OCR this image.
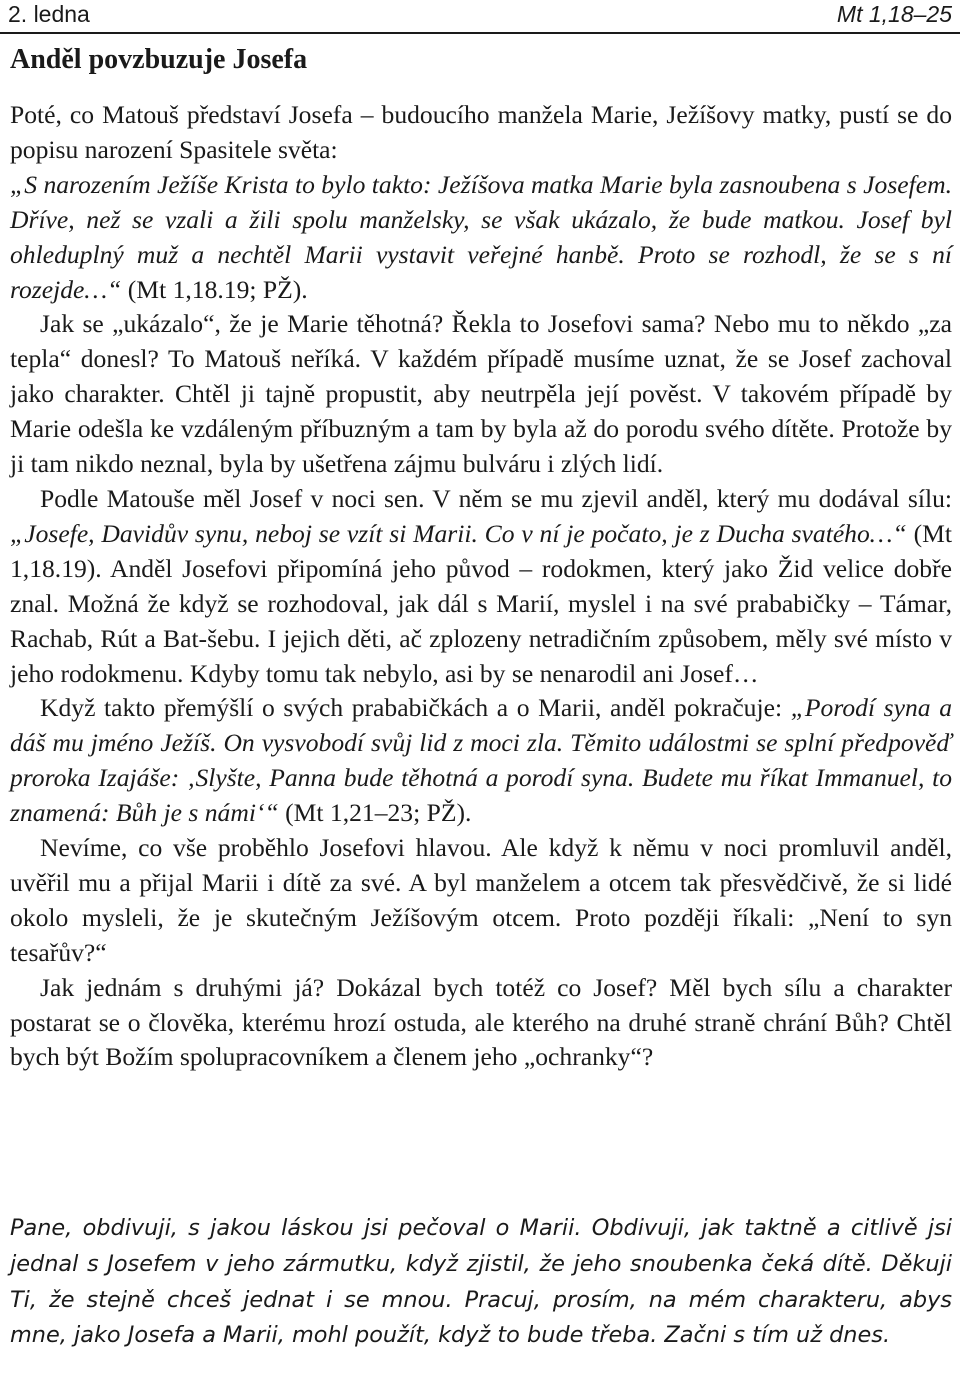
2. ledna	Mt 1,18–25
Anděl povzbuzuje Josefa

Poté, co Matouš představí Josefa – budoucího manžela Marie, Ježíšovy matky, pustí se do popisu narození Spasitele světa:
„S narozením Ježíše Krista to bylo takto: Ježíšova matka Marie byla zasnoubena s Josefem. Dříve, než se vzali a žili spolu manželsky, se však ukázalo, že bude matkou. Josef byl ohleduplný muž a nechtěl Marii vystavit veřejné hanbě. Proto se rozhodl, že se s ní rozejde…“ (Mt 1,18.19; PŽ).

Jak se „ukázalo“, že je Marie těhotná? Řekla to Josefovi sama? Nebo mu to někdo „za tepla“ donesl? To Matouš neříká. V každém případě musíme uznat, že se Josef zachoval jako charakter. Chtěl ji tajně propustit, aby neutrpěla její pověst. V takovém případě by Marie odešla ke vzdáleným příbuzným a tam by byla až do porodu svého dítěte. Protože by ji tam nikdo neznal, byla by ušetřena zájmu bulváru i zlých lidí.

Podle Matouše měl Josef v noci sen. V něm se mu zjevil anděl, který mu dodával sílu: „Josefe, Davidův synu, neboj se vzít si Marii. Co v ní je počato, je z Ducha svatého…“ (Mt 1,18.19). Anděl Josefovi připomíná jeho původ – rodokmen, který jako Žid velice dobře znal. Možná že když se rozhodoval, jak dál s Marií, myslel i na své prababičky – Támar, Rachab, Rút a Bat-šebu. I jejich děti, ač zplozeny netradičním způsobem, měly své místo v jeho rodokmenu. Kdyby tomu tak nebylo, asi by se nenarodil ani Josef…

Když takto přemýšlí o svých prababičkách a o Marii, anděl pokračuje: „Porodí syna a dáš mu jméno Ježíš. On vysvobodí svůj lid z moci zla. Těmito událostmi se splní předpověď proroka Izajáše: ‚Slyšte, Panna bude těhotná a porodí syna. Budete mu říkat Immanuel, to znamená: Bůh je s námi‘“ (Mt 1,21–23; PŽ).

Nevíme, co vše proběhlo Josefovi hlavou. Ale když k němu v noci promluvil anděl, uvěřil mu a přijal Marii i dítě za své. A byl manželem a otcem tak přesvědčivě, že si lidé okolo mysleli, že je skutečným Ježíšovým otcem. Proto později říkali: „Není to syn tesařův?“

Jak jednám s druhými já? Dokázal bych totéž co Josef? Měl bych sílu a charakter postarat se o člověka, kterému hrozí ostuda, ale kterého na druhé straně chrání Bůh? Chtěl bych být Božím spolupracovníkem a členem jeho „ochranky“?

Pane, obdivuji, s jakou láskou jsi pečoval o Marii. Obdivuji, jak taktně a citlivě jsi jednal s Josefem v jeho zármutku, když zjistil, že jeho snoubenka čeká dítě. Děkuji Ti, že stejně chceš jednat i se mnou. Pracuj, prosím, na mém charakteru, abys mne, jako Josefa a Marii, mohl použít, když to bude třeba. Začni s tím už dnes.
